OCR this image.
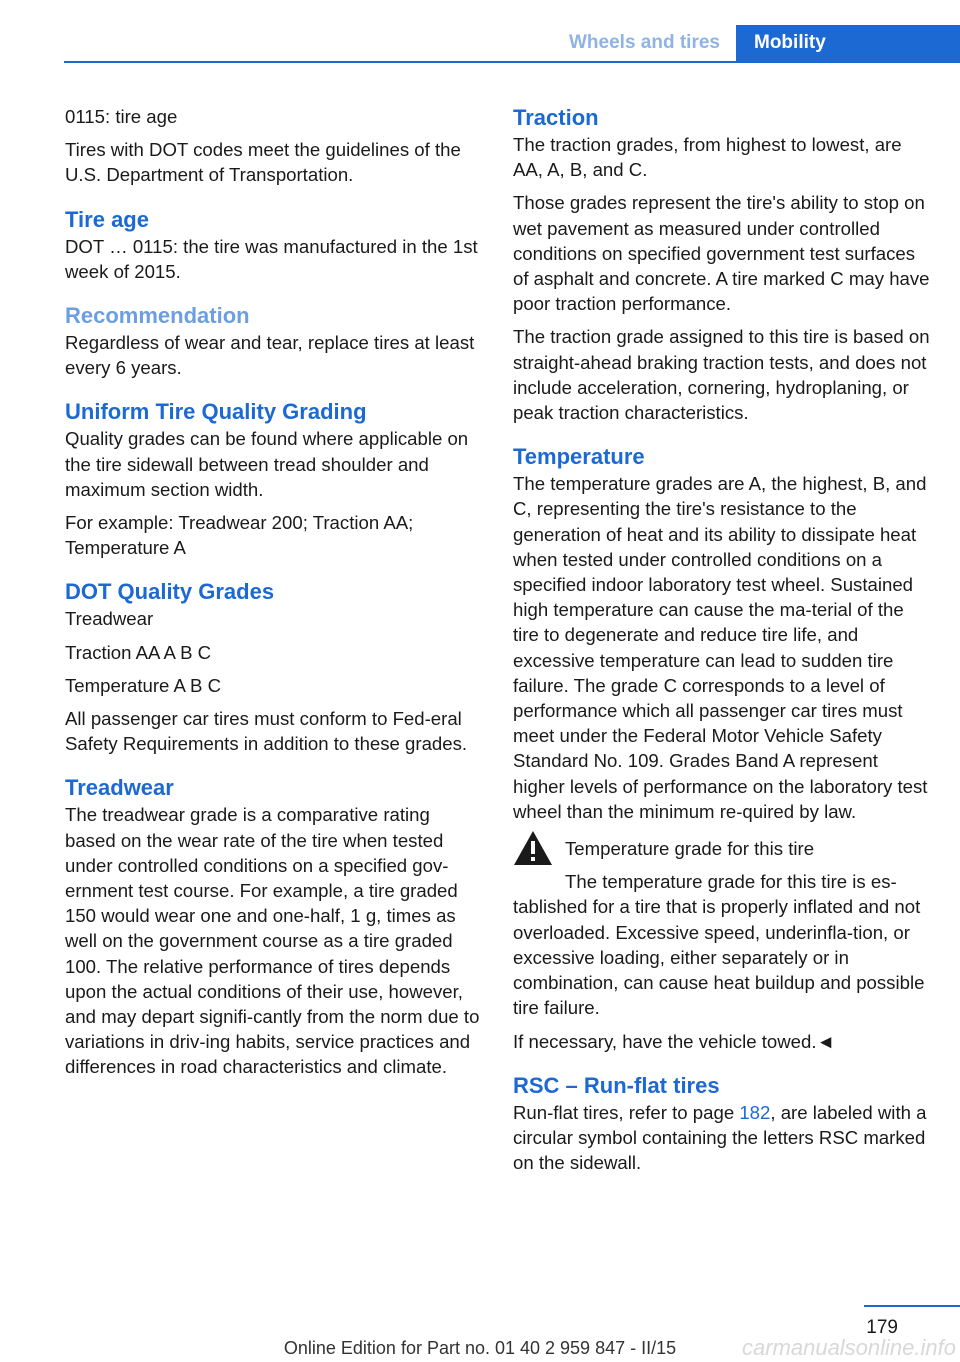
Wheels and tires	Mobility

0115: tire age

Tires with DOT codes meet the guidelines of the U.S. Department of Transportation.

Tire age

DOT … 0115: the tire was manufactured in the 1st week of 2015.

Recommendation

Regardless of wear and tear, replace tires at least every 6 years.

Uniform Tire Quality Grading

Quality grades can be found where applicable on the tire sidewall between tread shoulder and maximum section width.

For example: Treadwear 200; Traction AA; Temperature A

DOT Quality Grades

Treadwear

Traction AA A B C

Temperature A B C

All passenger car tires must conform to Fed‐eral Safety Requirements in addition to these grades.

Treadwear

The treadwear grade is a comparative rating based on the wear rate of the tire when tested under controlled conditions on a specified gov‐ernment test course. For example, a tire graded 150 would wear one and one-half, 1 g, times as well on the government course as a tire graded 100. The relative performance of tires depends upon the actual conditions of their use, however, and may depart signifi‐cantly from the norm due to variations in driv‐ing habits, service practices and differences in road characteristics and climate.

Traction

The traction grades, from highest to lowest, are AA, A, B, and C.

Those grades represent the tire's ability to stop on wet pavement as measured under controlled conditions on specified government test surfaces of asphalt and concrete. A tire marked C may have poor traction performance.

The traction grade assigned to this tire is based on straight-ahead braking traction tests, and does not include acceleration, cornering, hydroplaning, or peak traction characteristics.

Temperature

The temperature grades are A, the highest, B, and C, representing the tire's resistance to the generation of heat and its ability to dissipate heat when tested under controlled conditions on a specified indoor laboratory test wheel. Sustained high temperature can cause the ma‐terial of the tire to degenerate and reduce tire life, and excessive temperature can lead to sudden tire failure. The grade C corresponds to a level of performance which all passenger car tires must meet under the Federal Motor Vehicle Safety Standard No. 109. Grades Band A represent higher levels of performance on the laboratory test wheel than the minimum re‐quired by law.

Temperature grade for this tire

The temperature grade for this tire is es‐tablished for a tire that is properly inflated and not overloaded. Excessive speed, underinfla‐tion, or excessive loading, either separately or in combination, can cause heat buildup and possible tire failure.

If necessary, have the vehicle towed.◄

RSC – Run-flat tires

Run-flat tires, refer to page 182, are labeled with a circular symbol containing the letters RSC marked on the sidewall.

179
Online Edition for Part no. 01 40 2 959 847 - II/15	carmanualsonline.info
